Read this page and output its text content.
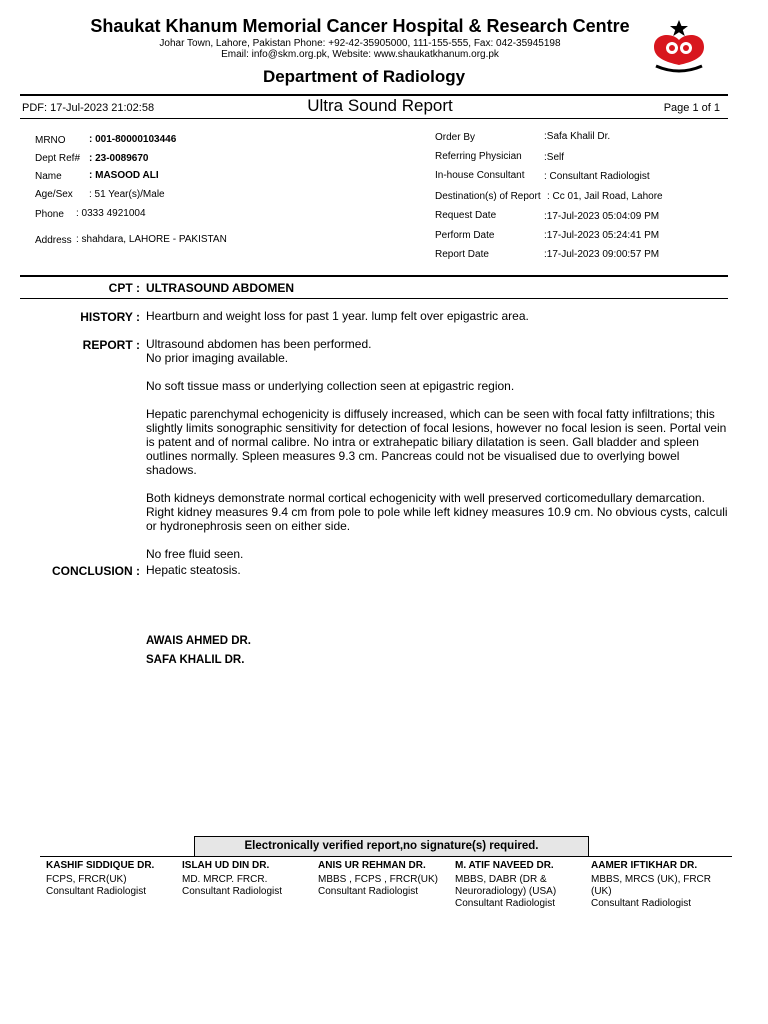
Shaukat Khanum Memorial Cancer Hospital & Research Centre
Johar Town, Lahore, Pakistan Phone: +92-42-35905000, 111-155-555, Fax: 042-35945198
Email: info@skm.org.pk, Website: www.shaukatkhanum.org.pk
Department of Radiology
PDF: 17-Jul-2023 21:02:58	Ultra Sound Report	Page 1 of 1
MRNO : 001-80000103446
Dept Ref# : 23-0089670
Name	: MASOOD ALI
Age/Sex : 51 Year(s)/Male
Phone : 0333 4921004
Address : shahdara, LAHORE - PAKISTAN
Order By	:Safa Khalil Dr.
Referring Physician :Self
In-house Consultant : Consultant Radiologist
Destination(s) of Report : Cc 01, Jail Road, Lahore
Request Date	:17-Jul-2023 05:04:09 PM
Perform Date	:17-Jul-2023 05:24:41 PM
Report Date	:17-Jul-2023 09:00:57 PM
CPT : ULTRASOUND ABDOMEN
HISTORY : Heartburn and weight loss for past 1 year. lump felt over epigastric area.
REPORT : Ultrasound abdomen has been performed.
No prior imaging available.

No soft tissue mass or underlying collection seen at epigastric region.

Hepatic parenchymal echogenicity is diffusely increased, which can be seen with focal fatty infiltrations; this slightly limits sonographic sensitivity for detection of focal lesions, however no focal lesion is seen. Portal vein is patent and of normal calibre. No intra or extrahepatic biliary dilatation is seen. Gall bladder and spleen outlines normally. Spleen measures 9.3 cm. Pancreas could not be visualised due to overlying bowel shadows.

Both kidneys demonstrate normal cortical echogenicity with well preserved corticomedullary demarcation. Right kidney measures 9.4 cm from pole to pole while left kidney measures 10.9 cm. No obvious cysts, calculi or hydronephrosis seen on either side.

No free fluid seen.

CONCLUSION : Hepatic steatosis.
AWAIS AHMED DR.
SAFA KHALIL DR.
Electronically verified report,no signature(s) required.
KASHIF SIDDIQUE DR.
FCPS, FRCR(UK)
Consultant Radiologist
ISLAH UD DIN DR.
MD. MRCP. FRCR.
Consultant Radiologist
ANIS UR REHMAN DR.
MBBS , FCPS , FRCR(UK)
Consultant Radiologist
M. ATIF NAVEED DR.
MBBS, DABR (DR & Neuroradiology) (USA)
Consultant Radiologist
AAMER IFTIKHAR DR.
MBBS, MRCS (UK), FRCR (UK)
Consultant Radiologist
